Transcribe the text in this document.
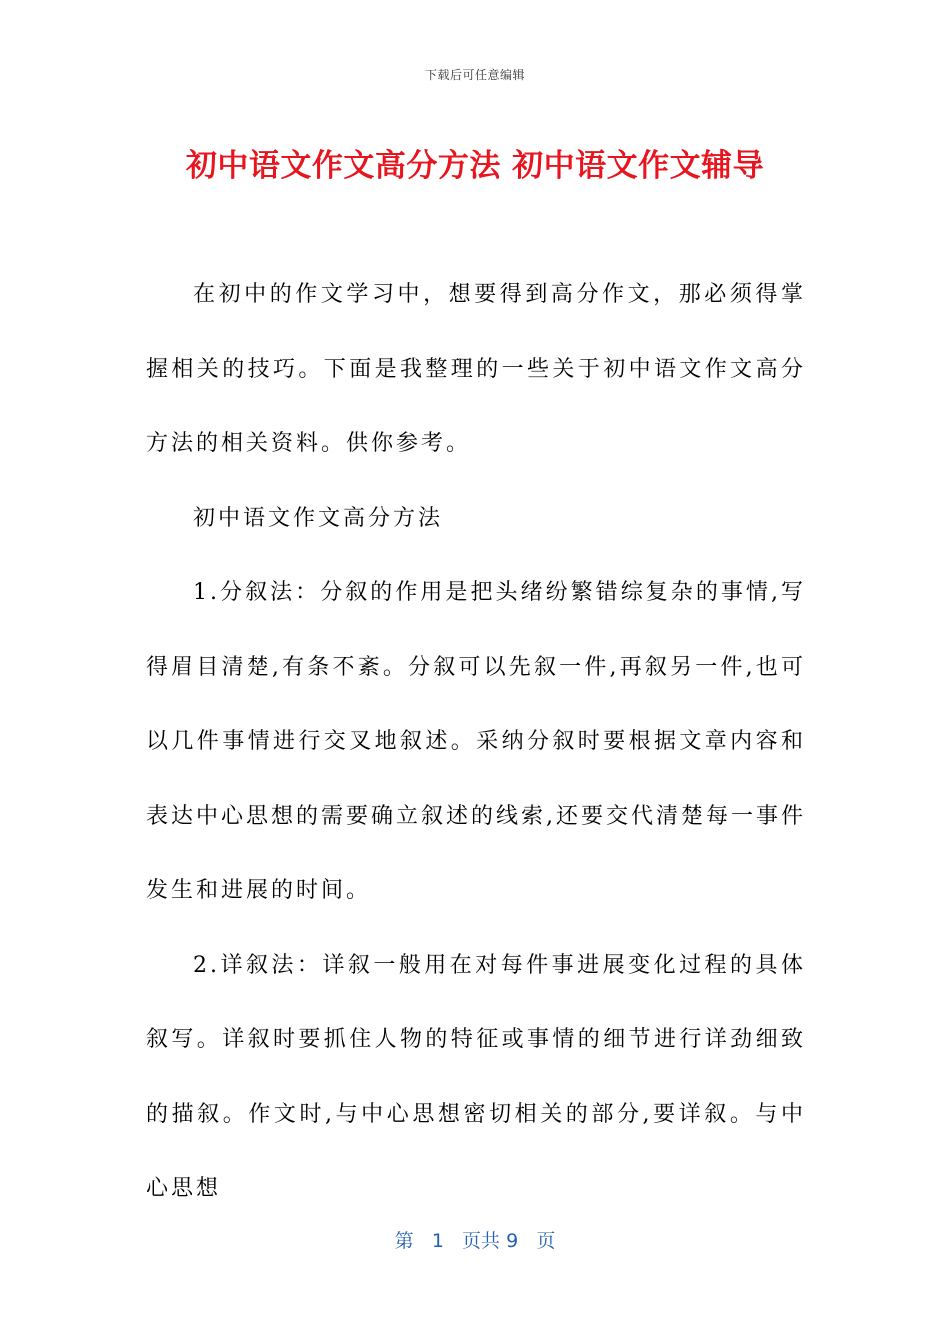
下载后可任意编辑
初中语文作文高分方法 初中语文作文辅导

在初中的作文学习中，想要得到高分作文，那必须得掌握相关的技巧。下面是我整理的一些关于初中语文作文高分方法的相关资料。供你参考。

初中语文作文高分方法

1.分叙法：分叙的作用是把头绪纷繁错综复杂的事情,写得眉目清楚,有条不紊。分叙可以先叙一件,再叙另一件,也可以几件事情进行交叉地叙述。采纳分叙时要根据文章内容和表达中心思想的需要确立叙述的线索,还要交代清楚每一事件发生和进展的时间。

2.详叙法：详叙一般用在对每件事进展变化过程的具体叙写。详叙时要抓住人物的特征或事情的细节进行详劲细致的描叙。作文时,与中心思想密切相关的部分,要详叙。与中心思想

第 1 页共 9 页
